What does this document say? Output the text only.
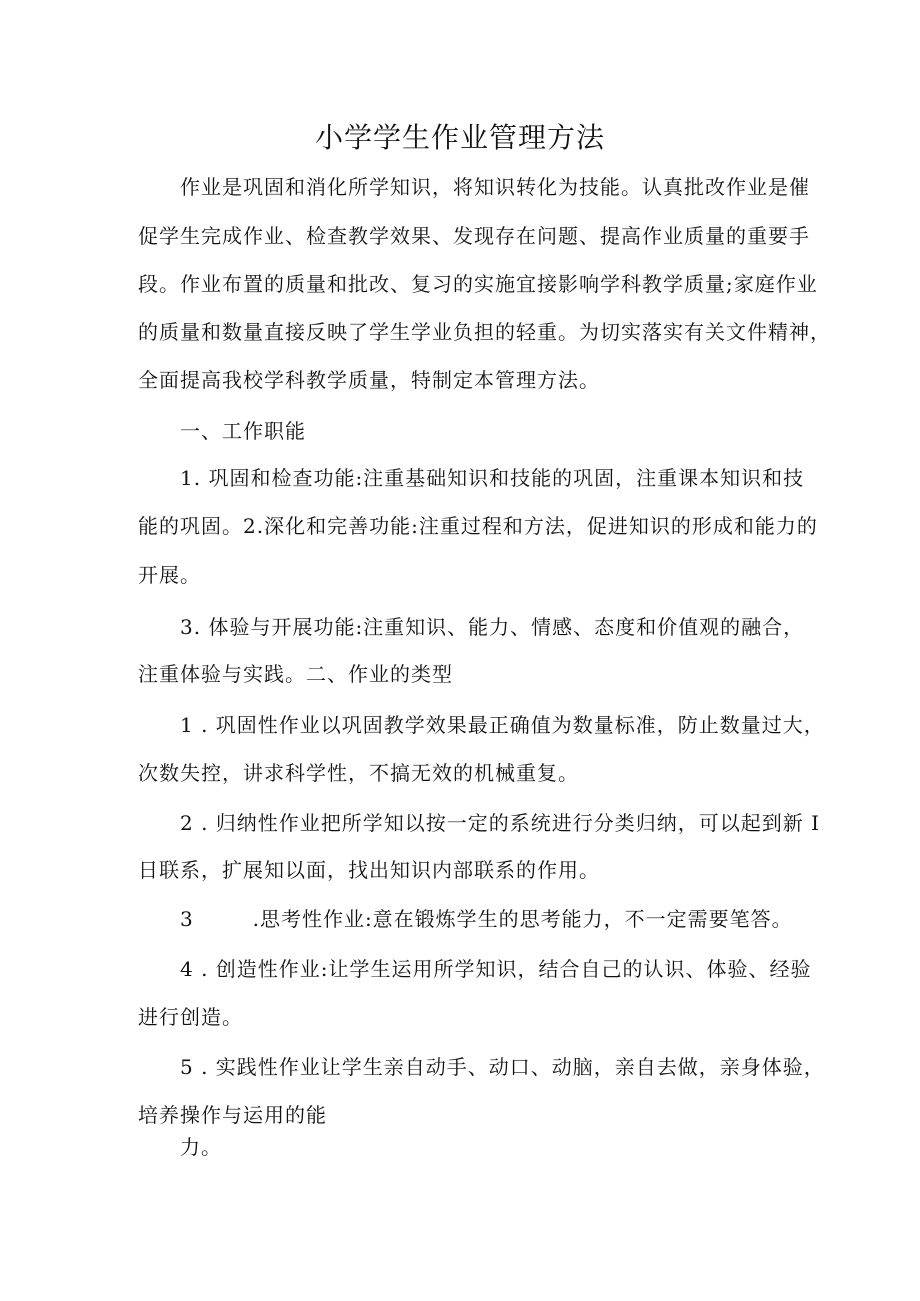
小学学生作业管理方法

作业是巩固和消化所学知识，将知识转化为技能。认真批改作业是催

促学生完成作业、检查教学效果、发现存在问题、提高作业质量的重要手

段。作业布置的质量和批改、复习的实施宜接影响学科教学质量;家庭作业

的质量和数量直接反映了学生学业负担的轻重。为切实落实有关文件精神，

全面提高我校学科教学质量，特制定本管理方法。

一、工作职能

1. 巩固和检查功能:注重基础知识和技能的巩固，注重课本知识和技

能的巩固。2.深化和完善功能:注重过程和方法，促进知识的形成和能力的

开展。

3. 体验与开展功能:注重知识、能力、情感、态度和价值观的融合，

注重体验与实践。二、作业的类型

1 . 巩固性作业以巩固教学效果最正确值为数量标准，防止数量过大，

次数失控，讲求科学性，不搞无效的机械重复。

2 . 归纳性作业把所学知以按一定的系统进行分类归纳，可以起到新 I

日联系，扩展知以面，找出知识内部联系的作用。

3        .思考性作业:意在锻炼学生的思考能力，不一定需要笔答。

4 . 创造性作业:让学生运用所学知识，结合自己的认识、体验、经验

进行创造。

5 . 实践性作业让学生亲自动手、动口、动脑，亲自去做，亲身体验，

培养操作与运用的能

力。
